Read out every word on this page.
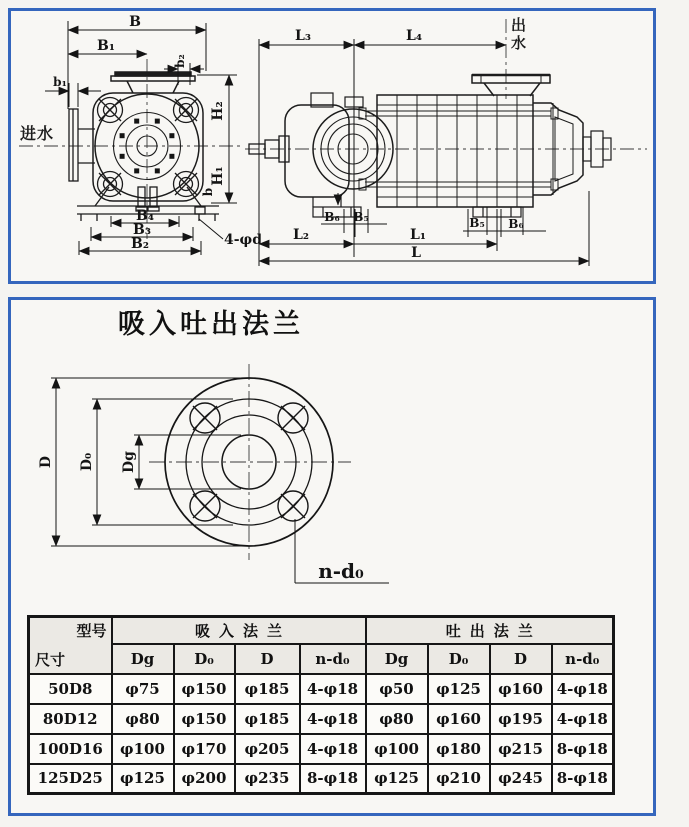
B
B₁
b₂
b₁
H₂
H₁
b
B₄
B₃
B₂	4-φd
L₃	L₄
B₆ B₅	B₅ B₆
L₂	L₁
L
进水
出水
D D₀ Dg
n-d₀
吸入吐出法兰
型号
尺寸	吸入法兰				吐出法兰			
	Dg	D₀	D	n-d₀	Dg	D₀	D	n-d₀
50D8	φ75	φ150	φ185	4-φ18	φ50	φ125	φ160	4-φ18
80D12	φ80	φ150	φ185	4-φ18	φ80	φ160	φ195	4-φ18
100D16	φ100	φ170	φ205	4-φ18	φ100	φ180	φ215	8-φ18
125D25	φ125	φ200	φ235	8-φ18	φ125	φ210	φ245	8-φ18
